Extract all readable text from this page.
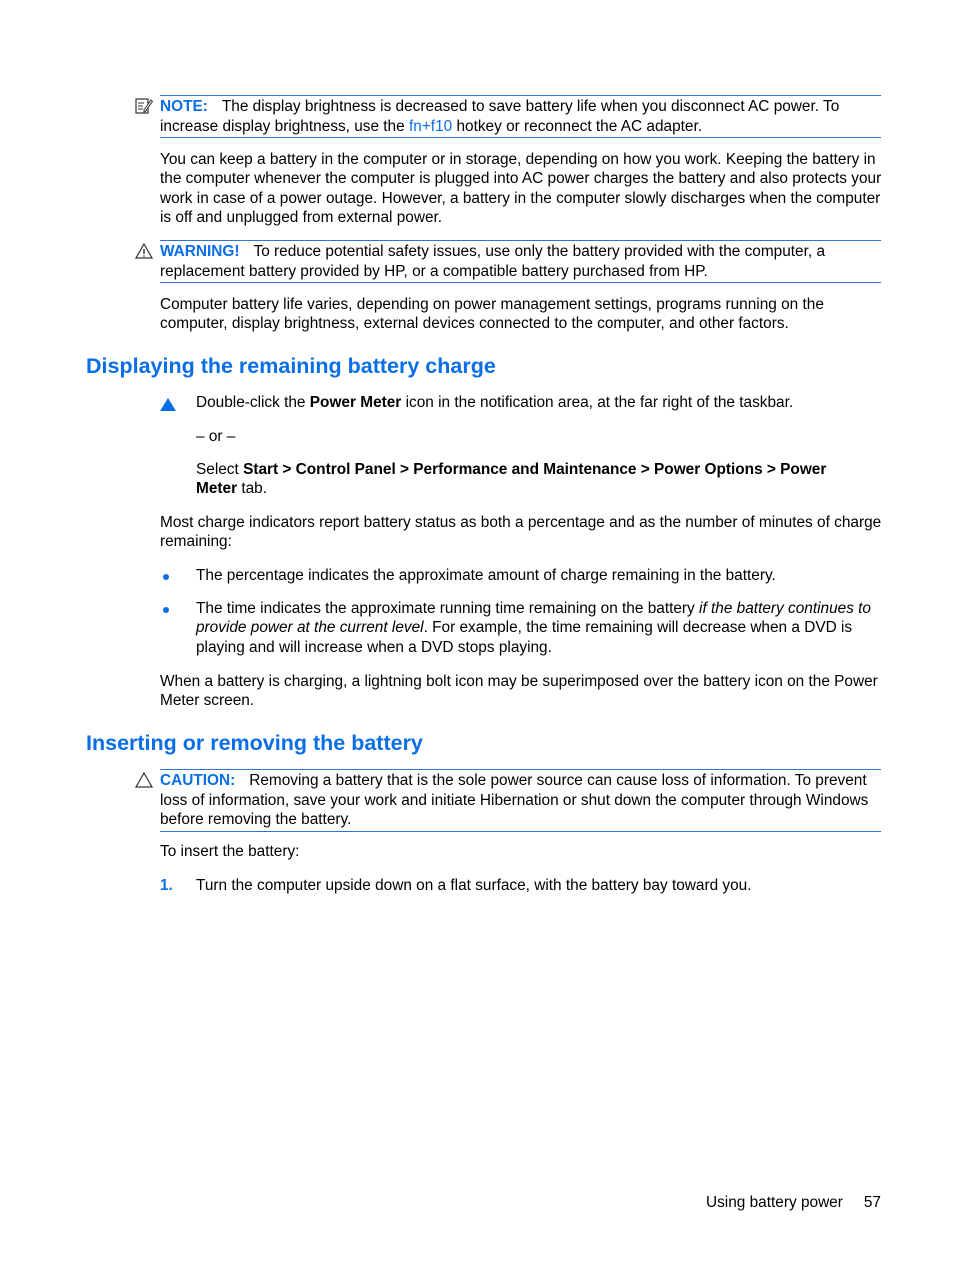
NOTE: The display brightness is decreased to save battery life when you disconnect AC power. To increase display brightness, use the fn+f10 hotkey or reconnect the AC adapter.
You can keep a battery in the computer or in storage, depending on how you work. Keeping the battery in the computer whenever the computer is plugged into AC power charges the battery and also protects your work in case of a power outage. However, a battery in the computer slowly discharges when the computer is off and unplugged from external power.
WARNING! To reduce potential safety issues, use only the battery provided with the computer, a replacement battery provided by HP, or a compatible battery purchased from HP.
Computer battery life varies, depending on power management settings, programs running on the computer, display brightness, external devices connected to the computer, and other factors.
Displaying the remaining battery charge
Double-click the Power Meter icon in the notification area, at the far right of the taskbar.
– or –
Select Start > Control Panel > Performance and Maintenance > Power Options > Power
Meter tab.
Most charge indicators report battery status as both a percentage and as the number of minutes of charge remaining:
The percentage indicates the approximate amount of charge remaining in the battery.
The time indicates the approximate running time remaining on the battery if the battery continues to provide power at the current level. For example, the time remaining will decrease when a DVD is playing and will increase when a DVD stops playing.
When a battery is charging, a lightning bolt icon may be superimposed over the battery icon on the Power Meter screen.
Inserting or removing the battery
CAUTION: Removing a battery that is the sole power source can cause loss of information. To prevent loss of information, save your work and initiate Hibernation or shut down the computer through Windows before removing the battery.
To insert the battery:
1. Turn the computer upside down on a flat surface, with the battery bay toward you.
Using battery power 57
